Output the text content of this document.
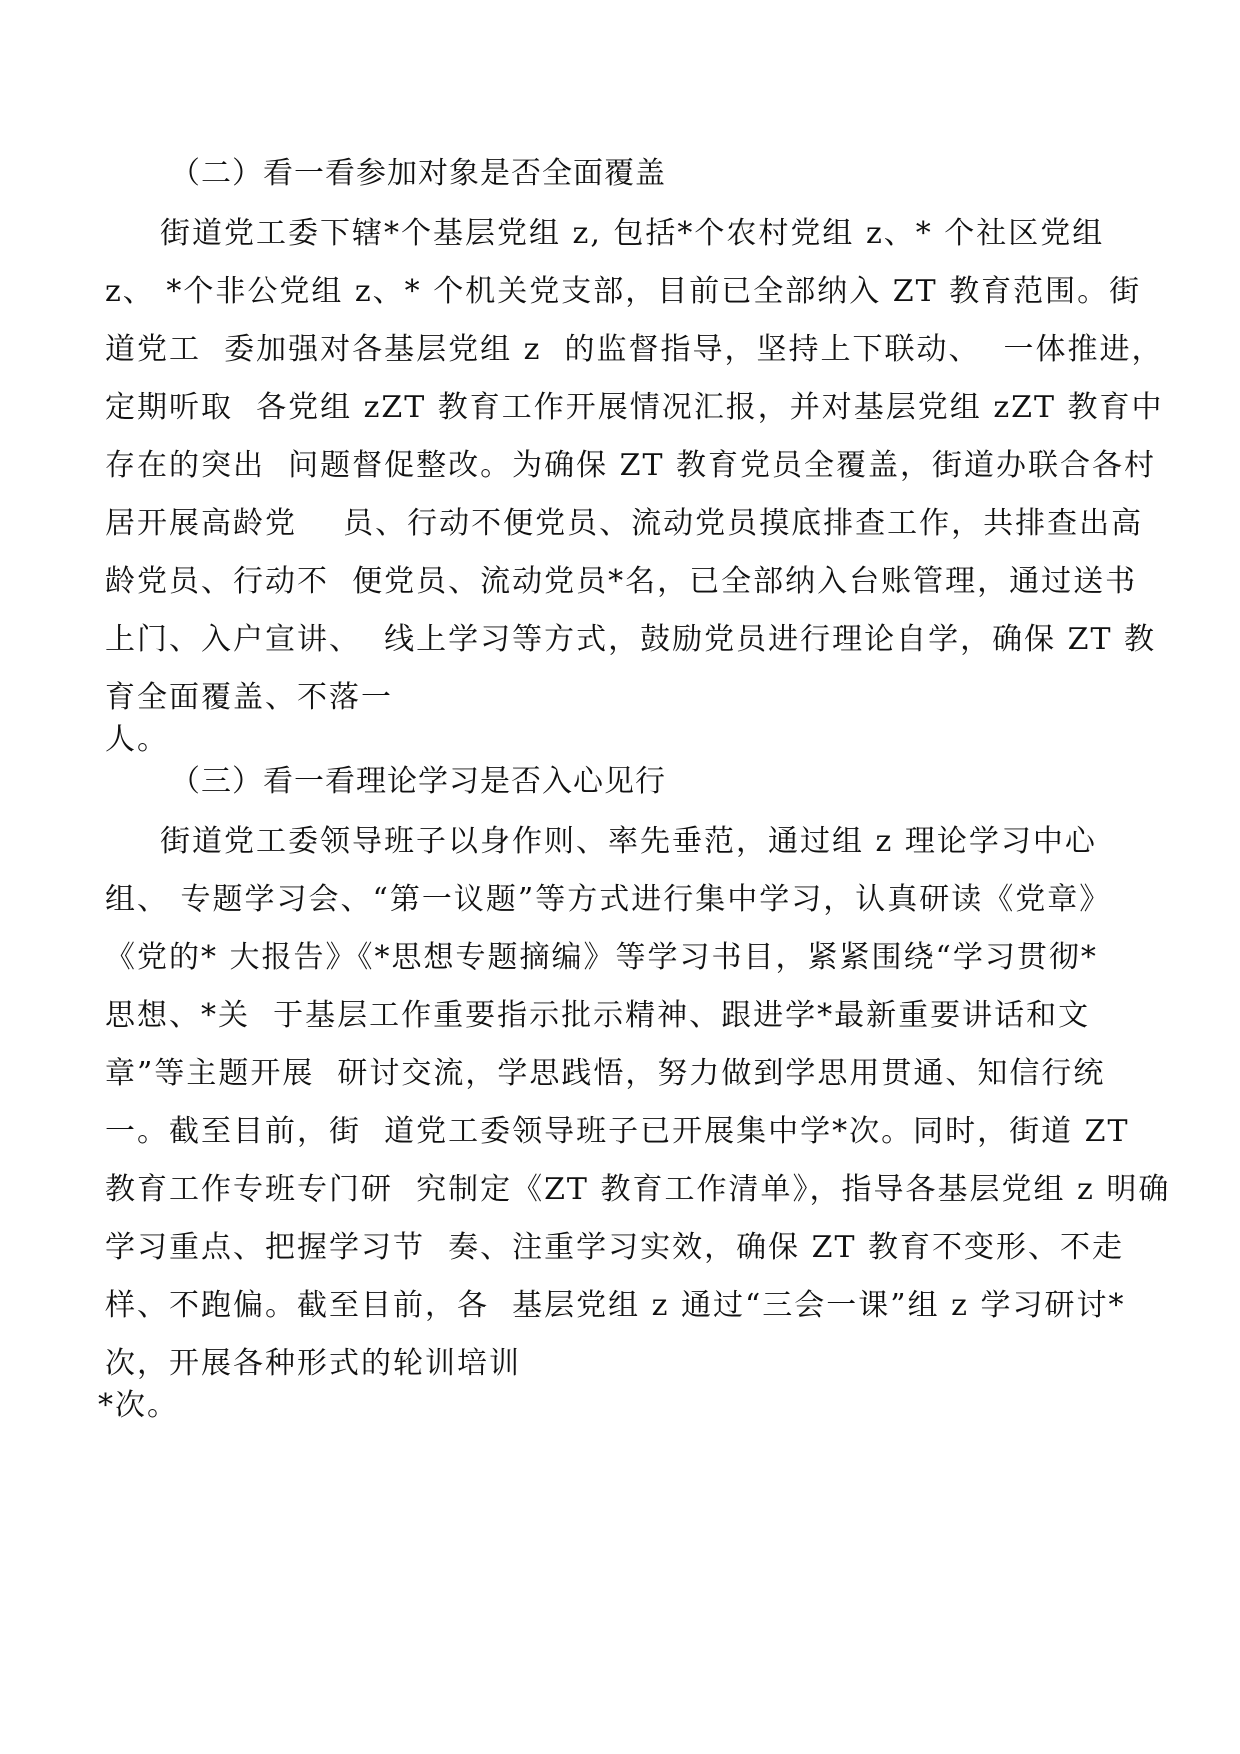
（二）看一看参加对象是否全面覆盖
街道党工委下辖*个基层党组 z, 包括*个农村党组 z、* 个社区党组
z、 *个非公党组 z、* 个机关党支部，目前已全部纳入 ZT 教育范围。街
道党工  委加强对各基层党组 z  的监督指导，坚持上下联动、  一体推进，
定期听取  各党组 zZT 教育工作开展情况汇报，并对基层党组 zZT 教育中
存在的突出  问题督促整改。为确保 ZT 教育党员全覆盖，街道办联合各村
居开展高龄党    员、行动不便党员、流动党员摸底排查工作，共排查出高
龄党员、行动不  便党员、流动党员*名，已全部纳入台账管理，通过送书
上门、入户宣讲、  线上学习等方式，鼓励党员进行理论自学，确保 ZT 教
育全面覆盖、不落一
人。
（三）看一看理论学习是否入心见行
街道党工委领导班子以身作则、率先垂范，通过组 z 理论学习中心
组、 专题学习会、“第一议题”等方式进行集中学习，认真研读《党章》
《党的* 大报告》《*思想专题摘编》等学习书目，紧紧围绕“学习贯彻*
思想、*关  于基层工作重要指示批示精神、跟进学*最新重要讲话和文
章”等主题开展  研讨交流，学思践悟，努力做到学思用贯通、知信行统
一。截至目前，街  道党工委领导班子已开展集中学*次。同时，街道 ZT
教育工作专班专门研  究制定《ZT 教育工作清单》，指导各基层党组 z 明确
学习重点、把握学习节  奏、注重学习实效，确保 ZT 教育不变形、不走
样、不跑偏。截至目前，各  基层党组 z 通过“三会一课”组 z 学习研讨*
次，开展各种形式的轮训培训
*次。
